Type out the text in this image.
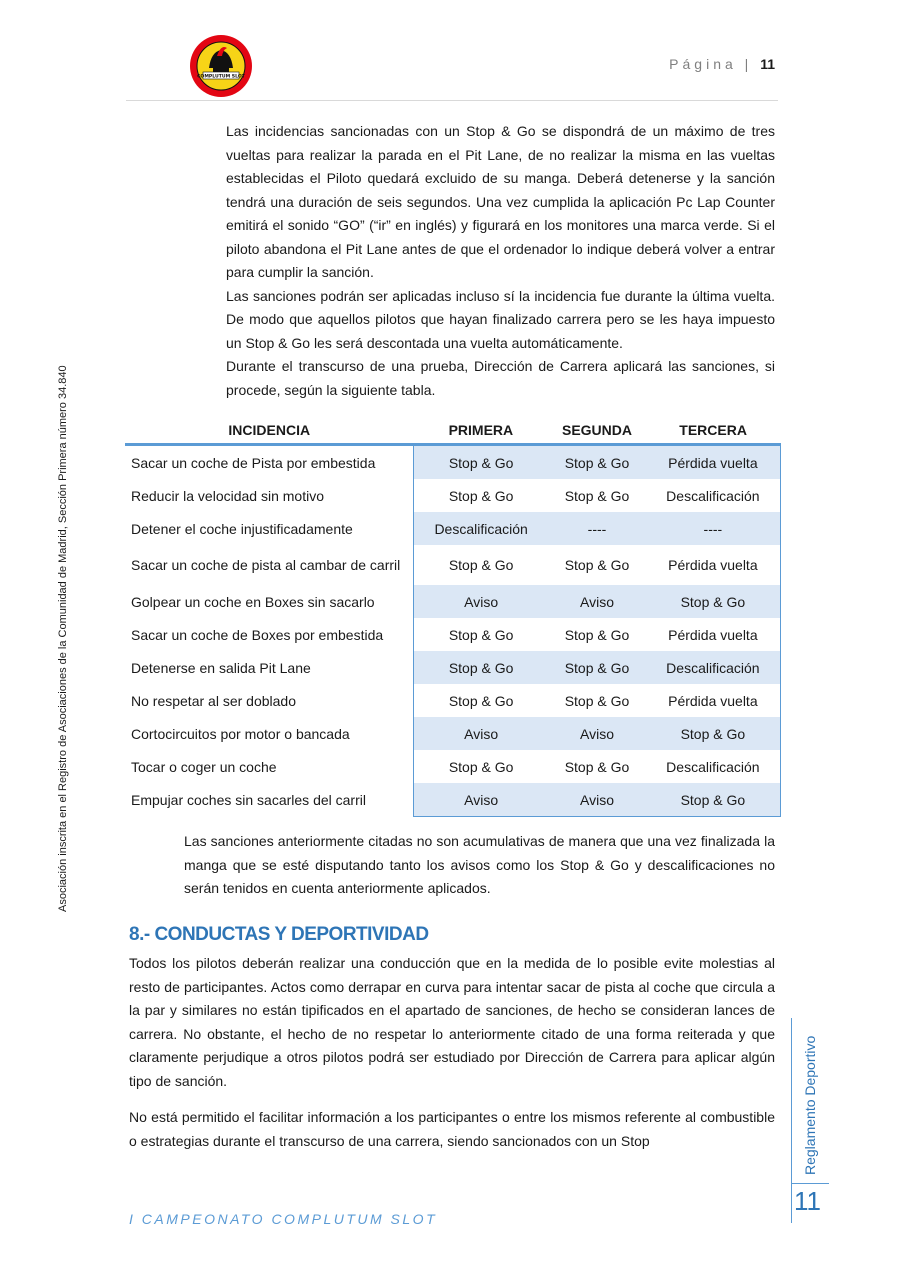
COMPLUTUM SLOT
Página | 11
Asociación inscrita en el Registro de Asociaciones de la Comunidad de Madrid, Sección Primera número 34.840
Las incidencias sancionadas con un Stop & Go se dispondrá de un máximo de tres vueltas para realizar la parada en el Pit Lane, de no realizar la misma en las vueltas establecidas el Piloto quedará excluido de su manga. Deberá detenerse y la sanción tendrá una duración de seis segundos. Una vez cumplida la aplicación Pc Lap Counter emitirá el sonido “GO” (“ir” en inglés) y figurará en los monitores una marca verde. Si el piloto abandona el Pit Lane antes de que el ordenador lo indique deberá volver a entrar para cumplir la sanción.
Las sanciones podrán ser aplicadas incluso sí la incidencia fue durante la última vuelta. De modo que aquellos pilotos que hayan finalizado carrera pero se les haya impuesto un Stop & Go les será descontada una vuelta automáticamente.
Durante el transcurso de una prueba, Dirección de Carrera aplicará las sanciones, si procede, según la siguiente tabla.
INCIDENCIA	PRIMERA	SEGUNDA	TERCERA
Sacar un coche de Pista por embestida	Stop & Go	Stop & Go	Pérdida vuelta
Reducir la velocidad sin motivo	Stop & Go	Stop & Go	Descalificación
Detener el coche injustificadamente	Descalificación	----	----
Sacar un coche de pista al cambar de carril	Stop & Go	Stop & Go	Pérdida vuelta
Golpear un coche en Boxes sin sacarlo	Aviso	Aviso	Stop & Go
Sacar un coche de Boxes por embestida	Stop & Go	Stop & Go	Pérdida vuelta
Detenerse en salida Pit Lane	Stop & Go	Stop & Go	Descalificación
No respetar al ser doblado	Stop & Go	Stop & Go	Pérdida vuelta
Cortocircuitos por motor o bancada	Aviso	Aviso	Stop & Go
Tocar o coger un coche	Stop & Go	Stop & Go	Descalificación
Empujar coches sin sacarles del carril	Aviso	Aviso	Stop & Go
Las sanciones anteriormente citadas no son acumulativas de manera que una vez finalizada la manga que se esté disputando tanto los avisos como los Stop & Go y descalificaciones no serán tenidos en cuenta anteriormente aplicados.
8.- CONDUCTAS Y DEPORTIVIDAD
Todos los pilotos deberán realizar una conducción que en la medida de lo posible evite molestias al resto de participantes. Actos como derrapar en curva para intentar sacar de pista al coche que circula a la par y similares no están tipificados en el apartado de sanciones, de hecho se consideran lances de carrera. No obstante, el hecho de no respetar lo anteriormente citado de una forma reiterada y que claramente perjudique a otros pilotos podrá ser estudiado por Dirección de Carrera para aplicar algún tipo de sanción.
No está permitido el facilitar información a los participantes o entre los mismos referente al combustible o estrategias durante el transcurso de una carrera, siendo sancionados con un Stop
I CAMPEONATO COMPLUTUM SLOT
Reglamento Deportivo
11
